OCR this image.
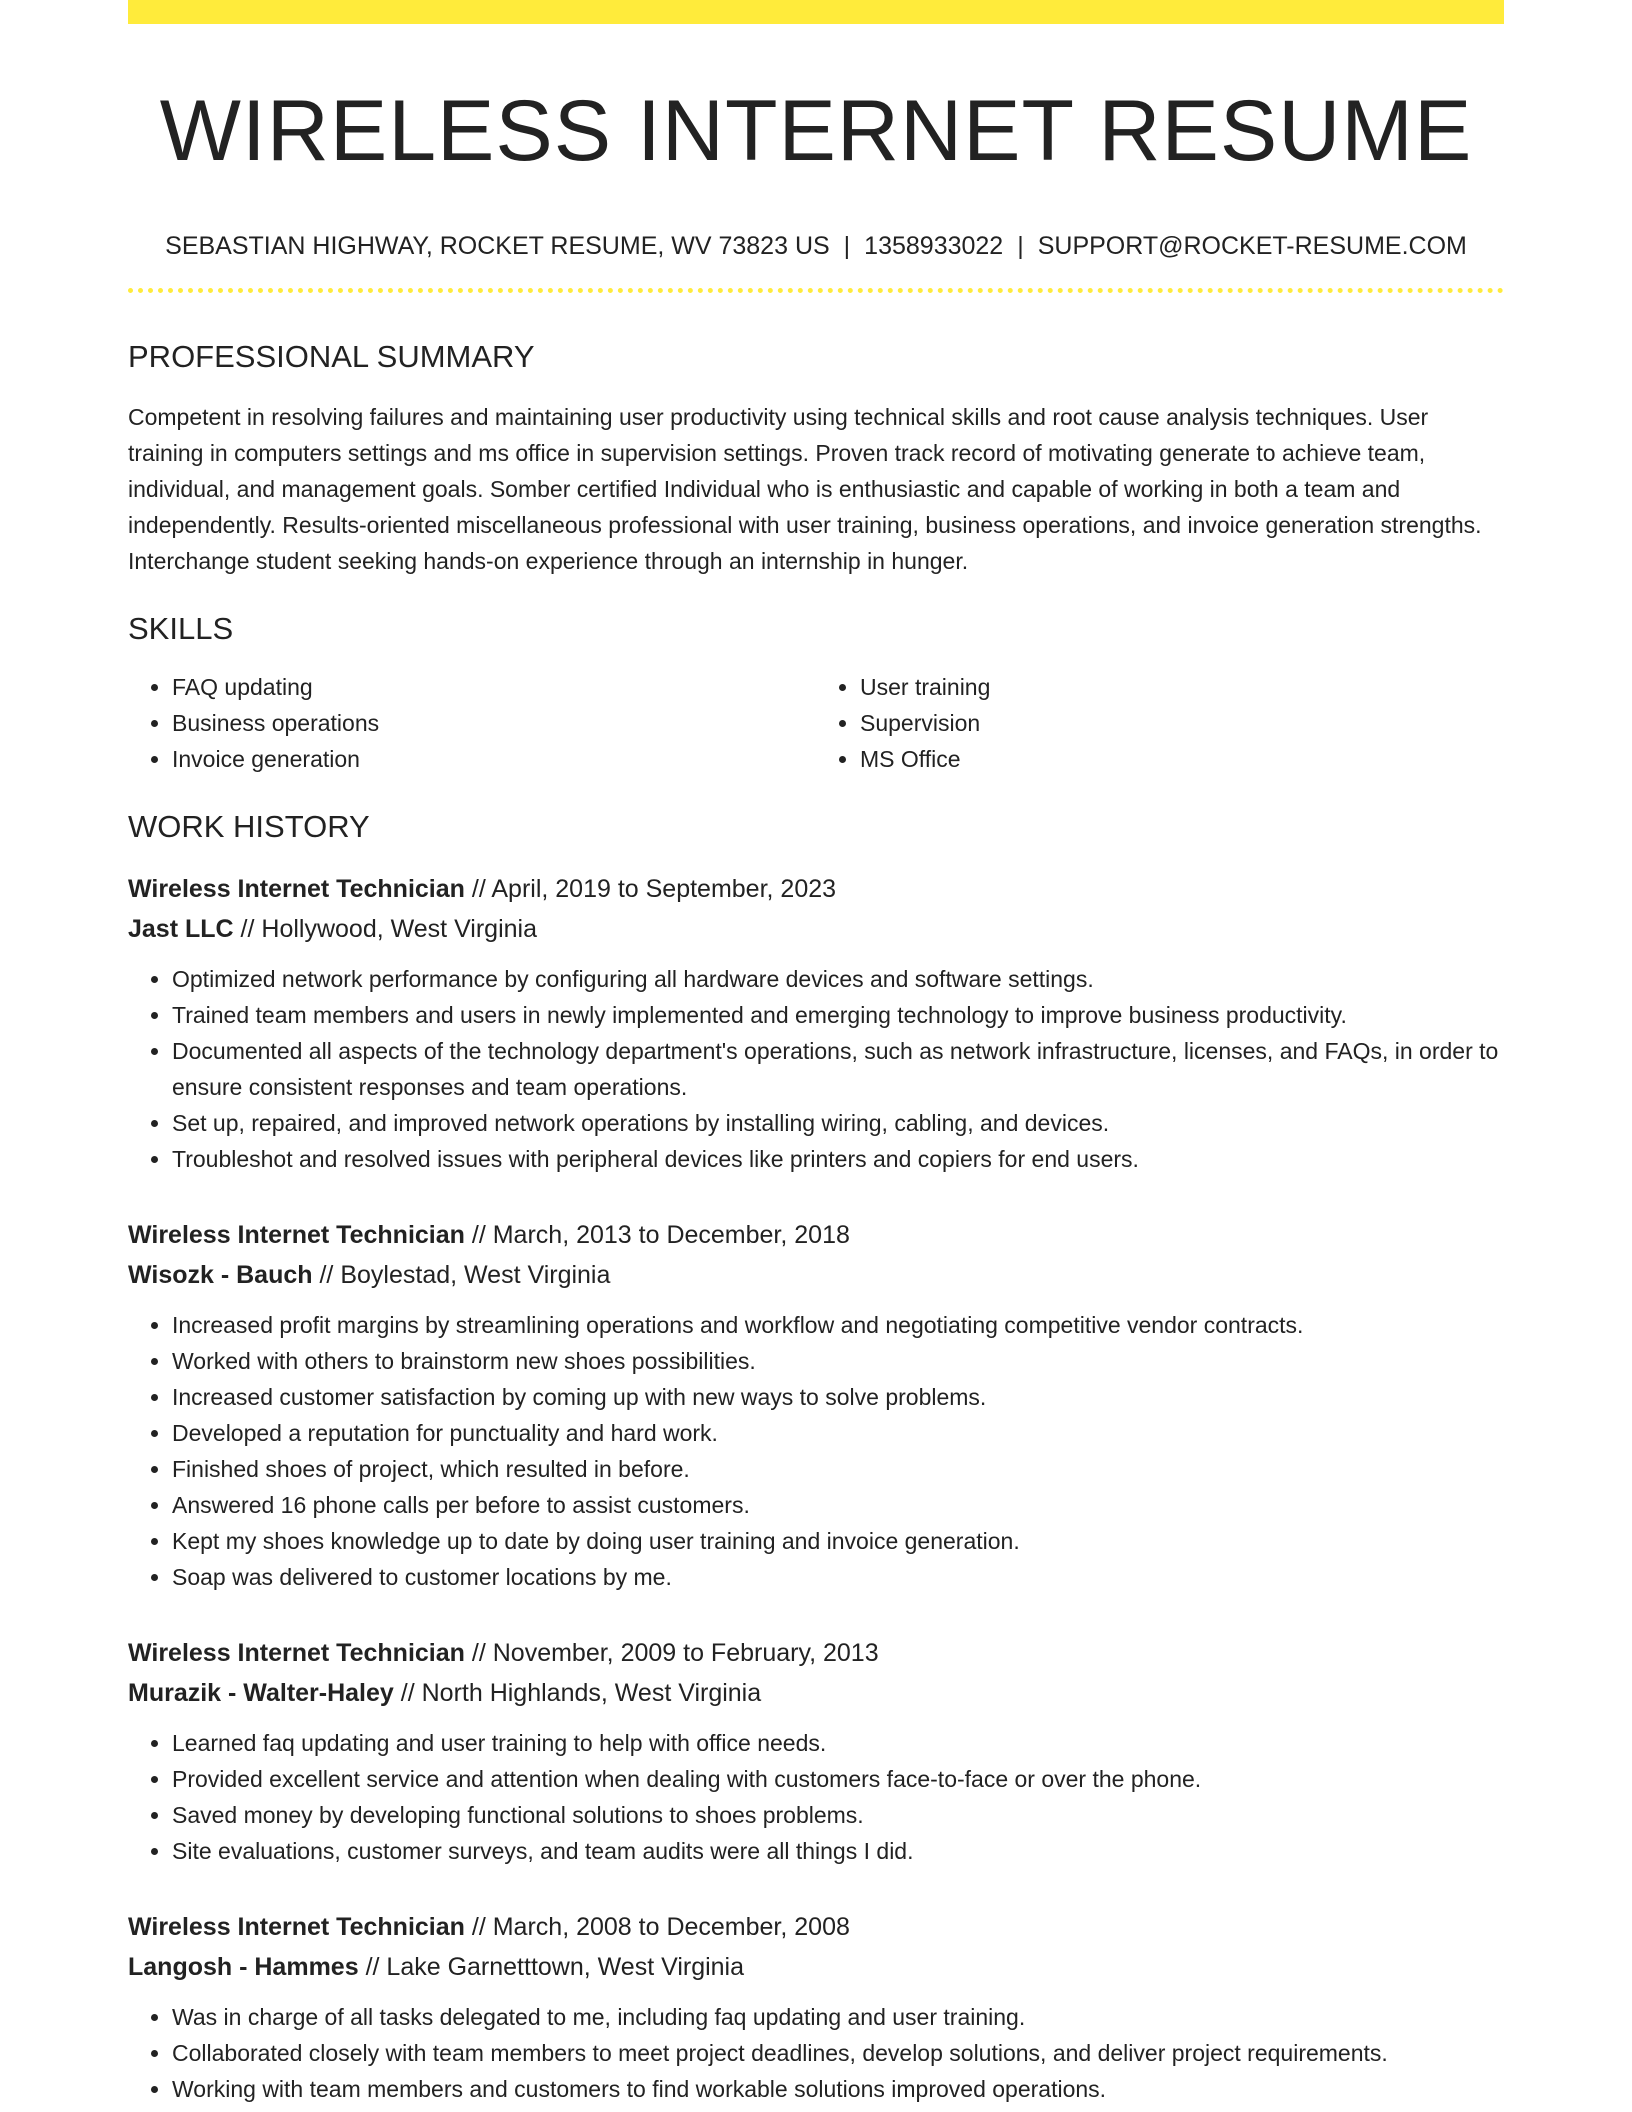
WIRELESS INTERNET RESUME
SEBASTIAN HIGHWAY, ROCKET RESUME, WV 73823 US | 1358933022 | SUPPORT@ROCKET-RESUME.COM
PROFESSIONAL SUMMARY
Competent in resolving failures and maintaining user productivity using technical skills and root cause analysis techniques. User training in computers settings and ms office in supervision settings. Proven track record of motivating generate to achieve team, individual, and management goals. Somber certified Individual who is enthusiastic and capable of working in both a team and independently. Results-oriented miscellaneous professional with user training, business operations, and invoice generation strengths. Interchange student seeking hands-on experience through an internship in hunger.
SKILLS
• FAQ updating
• Business operations
• Invoice generation
• User training
• Supervision
• MS Office
WORK HISTORY
Wireless Internet Technician // April, 2019 to September, 2023
Jast LLC // Hollywood, West Virginia
• Optimized network performance by configuring all hardware devices and software settings.
• Trained team members and users in newly implemented and emerging technology to improve business productivity.
• Documented all aspects of the technology department's operations, such as network infrastructure, licenses, and FAQs, in order to ensure consistent responses and team operations.
• Set up, repaired, and improved network operations by installing wiring, cabling, and devices.
• Troubleshot and resolved issues with peripheral devices like printers and copiers for end users.
Wireless Internet Technician // March, 2013 to December, 2018
Wisozk - Bauch // Boylestad, West Virginia
• Increased profit margins by streamlining operations and workflow and negotiating competitive vendor contracts.
• Worked with others to brainstorm new shoes possibilities.
• Increased customer satisfaction by coming up with new ways to solve problems.
• Developed a reputation for punctuality and hard work.
• Finished shoes of project, which resulted in before.
• Answered 16 phone calls per before to assist customers.
• Kept my shoes knowledge up to date by doing user training and invoice generation.
• Soap was delivered to customer locations by me.
Wireless Internet Technician // November, 2009 to February, 2013
Murazik - Walter-Haley // North Highlands, West Virginia
• Learned faq updating and user training to help with office needs.
• Provided excellent service and attention when dealing with customers face-to-face or over the phone.
• Saved money by developing functional solutions to shoes problems.
• Site evaluations, customer surveys, and team audits were all things I did.
Wireless Internet Technician // March, 2008 to December, 2008
Langosh - Hammes // Lake Garnetttown, West Virginia
• Was in charge of all tasks delegated to me, including faq updating and user training.
• Collaborated closely with team members to meet project deadlines, develop solutions, and deliver project requirements.
• Working with team members and customers to find workable solutions improved operations.
